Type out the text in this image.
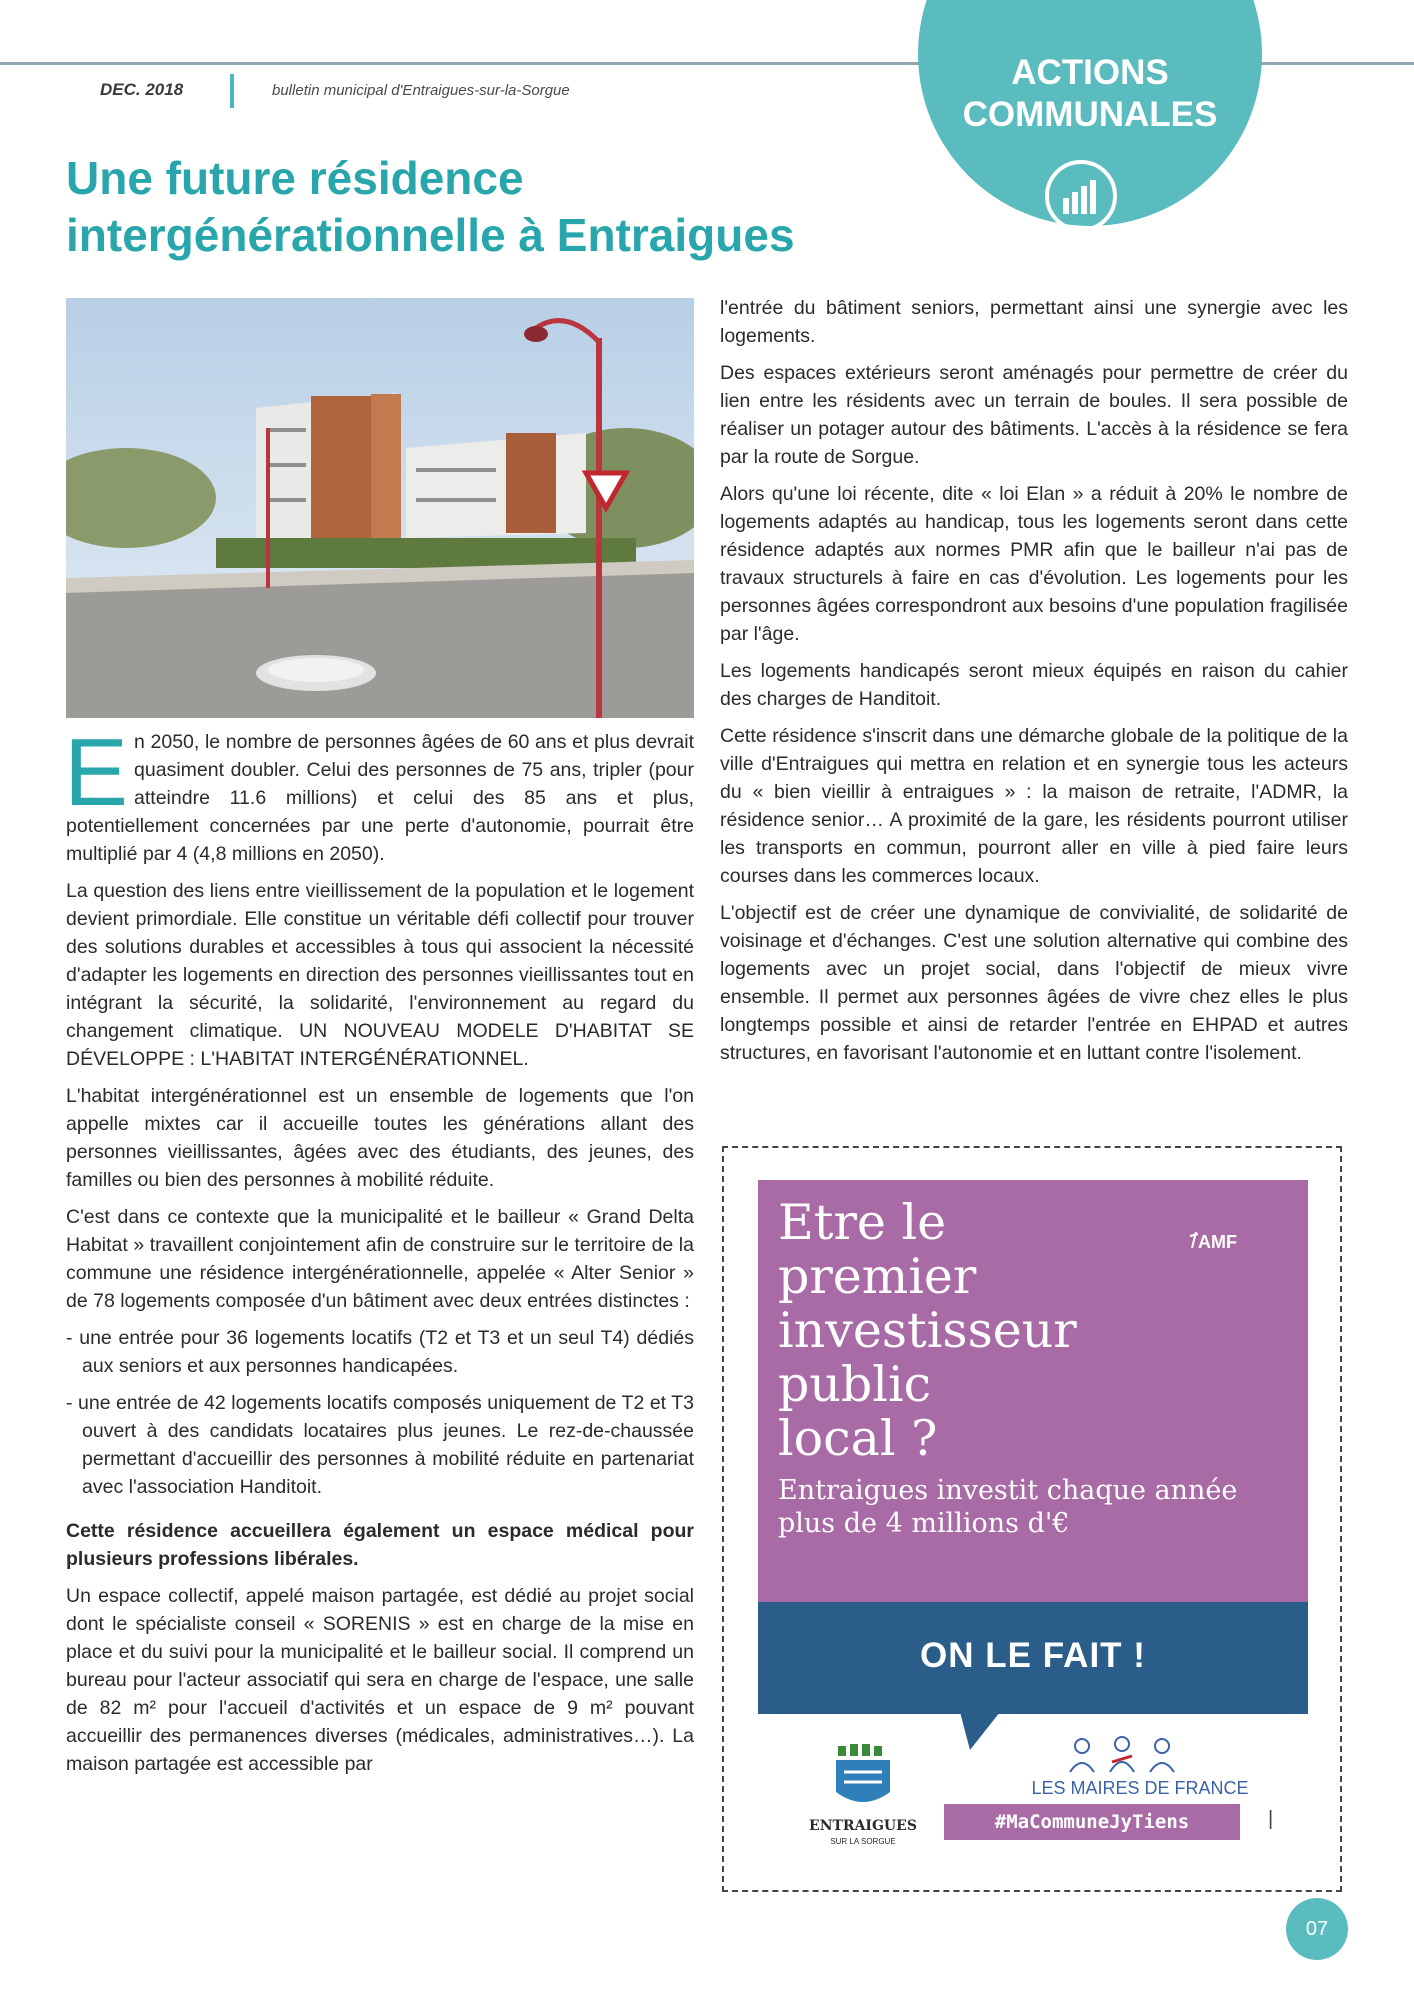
DEC. 2018	bulletin municipal d'Entraigues-sur-la-Sorgue	ACTIONS
COMMUNALES
Une future résidence
intergénérationnelle à Entraigues

En 2050, le nombre de personnes âgées de 60 ans et plus devrait quasiment doubler. Celui des personnes de 75 ans, tripler (pour atteindre 11.6 millions) et celui des 85 ans et plus, potentiellement concernées par une perte d'autonomie, pourrait être multiplié par 4 (4,8 millions en 2050).

La question des liens entre vieillissement de la population et le logement devient primordiale. Elle constitue un véritable défi collectif pour trouver des solutions durables et accessibles à tous qui associent la nécessité d'adapter les logements en direction des personnes vieillissantes tout en intégrant la sécurité, la solidarité, l'environnement au regard du changement climatique. UN NOUVEAU MODELE D'HABITAT SE DÉVELOPPE : L'HABITAT INTERGÉNÉRATIONNEL.

L'habitat intergénérationnel est un ensemble de logements que l'on appelle mixtes car il accueille toutes les générations allant des personnes vieillissantes, âgées avec des étudiants, des jeunes, des familles ou bien des personnes à mobilité réduite.

C'est dans ce contexte que la municipalité et le bailleur « Grand Delta Habitat » travaillent conjointement afin de construire sur le territoire de la commune une résidence intergénérationnelle, appelée « Alter Senior » de 78 logements composée d'un bâtiment avec deux entrées distinctes :

- une entrée pour 36 logements locatifs (T2 et T3 et un seul T4) dédiés aux seniors et aux personnes handicapées.

- une entrée de 42 logements locatifs composés uniquement de T2 et T3 ouvert à des candidats locataires plus jeunes. Le rez-de-chaussée permettant d'accueillir des personnes à mobilité réduite en partenariat avec l'association Handitoit.

Cette résidence accueillera également un espace médical pour plusieurs professions libérales.

Un espace collectif, appelé maison partagée, est dédié au projet social dont le spécialiste conseil « SORENIS » est en charge de la mise en place et du suivi pour la municipalité et le bailleur social. Il comprend un bureau pour l'acteur associatif qui sera en charge de l'espace, une salle de 82 m² pour l'accueil d'activités et un espace de 9 m² pouvant accueillir des permanences diverses (médicales, administratives…). La maison partagée est accessible par

l'entrée du bâtiment seniors, permettant ainsi une synergie avec les logements.

Des espaces extérieurs seront aménagés pour permettre de créer du lien entre les résidents avec un terrain de boules. Il sera possible de réaliser un potager autour des bâtiments. L'accès à la résidence se fera par la route de Sorgue.

Alors qu'une loi récente, dite « loi Elan » a réduit à 20% le nombre de logements adaptés au handicap, tous les logements seront dans cette résidence adaptés aux normes PMR afin que le bailleur n'ai pas de travaux structurels à faire en cas d'évolution. Les logements pour les personnes âgées correspondront aux besoins d'une population fragilisée par l'âge.

Les logements handicapés seront mieux équipés en raison du cahier des charges de Handitoit.

Cette résidence s'inscrit dans une démarche globale de la politique de la ville d'Entraigues qui mettra en relation et en synergie tous les acteurs du « bien vieillir à entraigues » : la maison de retraite, l'ADMR, la résidence senior… A proximité de la gare, les résidents pourront utiliser les transports en commun, pourront aller en ville à pied faire leurs courses dans les commerces locaux.

L'objectif est de créer une dynamique de convivialité, de solidarité de voisinage et d'échanges. C'est une solution alternative qui combine des logements avec un projet social, dans l'objectif de mieux vivre ensemble. Il permet aux personnes âgées de vivre chez elles le plus longtemps possible et ainsi de retarder l'entrée en EHPAD et autres structures, en favorisant l'autonomie et en luttant contre l'isolement.

Etre le
premier
investisseur
public
local ?
AMF
Entraigues investit chaque année
plus de 4 millions d'€
ON LE FAIT !
ENTRAIGUES
SUR LA SORGUE
LES MAIRES DE FRANCE
#MaCommuneJyTiens	|
07
